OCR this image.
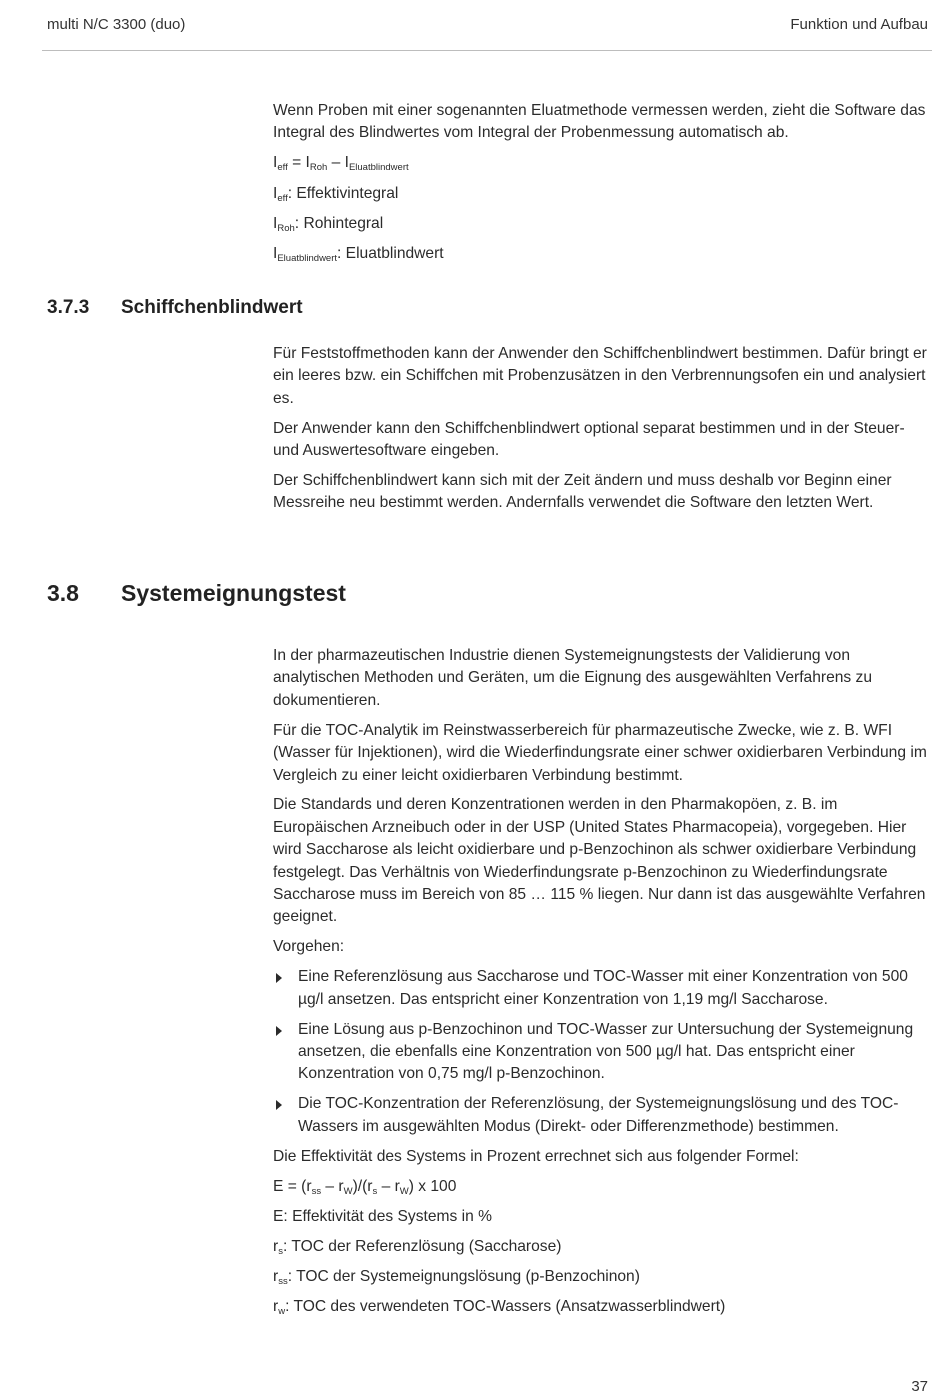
multi N/C 3300 (duo)	Funktion und Aufbau

Wenn Proben mit einer sogenannten Eluatmethode vermessen werden, zieht die Software das Integral des Blindwertes vom Integral der Probenmessung automatisch ab.

$I_{eff} = I_{Roh} - I_{Eluatblindwert}$

$I_{eff}$: Effektivintegral

$I_{Roh}$: Rohintegral

$I_{Eluatblindwert}$: Eluatblindwert

3.7.3 Schiffchenblindwert

Für Feststoffmethoden kann der Anwender den Schiffchenblindwert bestimmen. Dafür bringt er ein leeres bzw. ein Schiffchen mit Probenzusätzen in den Verbrennungsofen ein und analysiert es.

Der Anwender kann den Schiffchenblindwert optional separat bestimmen und in der Steuer- und Auswertesoftware eingeben.

Der Schiffchenblindwert kann sich mit der Zeit ändern und muss deshalb vor Beginn einer Messreihe neu bestimmt werden. Andernfalls verwendet die Software den letzten Wert.

3.8 Systemeignungstest

In der pharmazeutischen Industrie dienen Systemeignungstests der Validierung von analytischen Methoden und Geräten, um die Eignung des ausgewählten Verfahrens zu dokumentieren.

Für die TOC-Analytik im Reinstwasserbereich für pharmazeutische Zwecke, wie z. B. WFI (Wasser für Injektionen), wird die Wiederfindungsrate einer schwer oxidierbaren Verbindung im Vergleich zu einer leicht oxidierbaren Verbindung bestimmt.

Die Standards und deren Konzentrationen werden in den Pharmakopöen, z. B. im Europäischen Arzneibuch oder in der USP (United States Pharmacopeia), vorgegeben. Hier wird Saccharose als leicht oxidierbare und p-Benzochinon als schwer oxidierbare Verbindung festgelegt. Das Verhältnis von Wiederfindungsrate p-Benzochinon zu Wiederfindungsrate Saccharose muss im Bereich von 85 … 115 % liegen. Nur dann ist das ausgewählte Verfahren geeignet.

Vorgehen:

Eine Referenzlösung aus Saccharose und TOC-Wasser mit einer Konzentration von 500 µg/l ansetzen. Das entspricht einer Konzentration von 1,19 mg/l Saccharose.
Eine Lösung aus p-Benzochinon und TOC-Wasser zur Untersuchung der Systemeignung ansetzen, die ebenfalls eine Konzentration von 500 µg/l hat. Das entspricht einer Konzentration von 0,75 mg/l p-Benzochinon.
Die TOC-Konzentration der Referenzlösung, der Systemeignungslösung und des TOC-Wassers im ausgewählten Modus (Direkt- oder Differenzmethode) bestimmen.

Die Effektivität des Systems in Prozent errechnet sich aus folgender Formel:

$E = (r_{ss} - r_W)/(r_s - r_W)$ x 100

E: Effektivität des Systems in %

$r_s$: TOC der Referenzlösung (Saccharose)

$r_{ss}$: TOC der Systemeignungslösung (p-Benzochinon)

$r_w$: TOC des verwendeten TOC-Wassers (Ansatzwasserblindwert)

37
